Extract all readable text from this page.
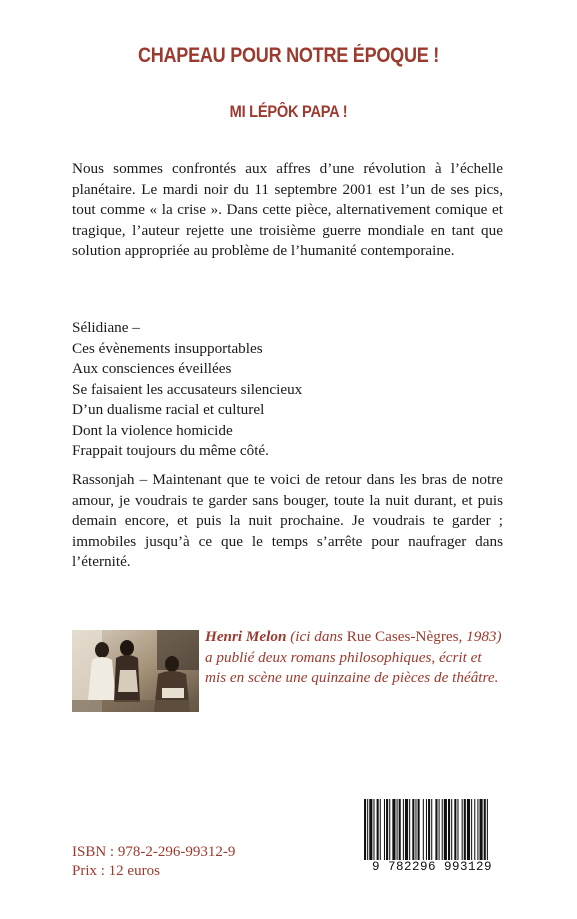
CHAPEAU POUR NOTRE ÉPOQUE !
MI LÉPÔK PAPA !

Nous sommes confrontés aux affres d’une révolution à l’échelle planétaire. Le mardi noir du 11 septembre 2001 est l’un de ses pics, tout comme « la crise ». Dans cette pièce, alternativement comique et tragique, l’auteur rejette une troisième guerre mondiale en tant que solution appropriée au problème de l’humanité contemporaine.

Sélidiane –
Ces évènements insupportables
Aux consciences éveillées
Se faisaient les accusateurs silencieux
D’un dualisme racial et culturel
Dont la violence homicide
Frappait toujours du même côté.

Rassonjah – Maintenant que te voici de retour dans les bras de notre amour, je voudrais te garder sans bouger, toute la nuit durant, et puis demain encore, et puis la nuit prochaine. Je voudrais te garder ; immobiles jusqu’à ce que le temps s’arrête pour naufrager dans l’éternité.

Henri Melon (ici dans Rue Cases-Nègres, 1983) a publié deux romans philosophiques, écrit et mis en scène une quinzaine de pièces de théâtre.

ISBN : 978-2-296-99312-9
Prix : 12 euros	9 782296 993129
